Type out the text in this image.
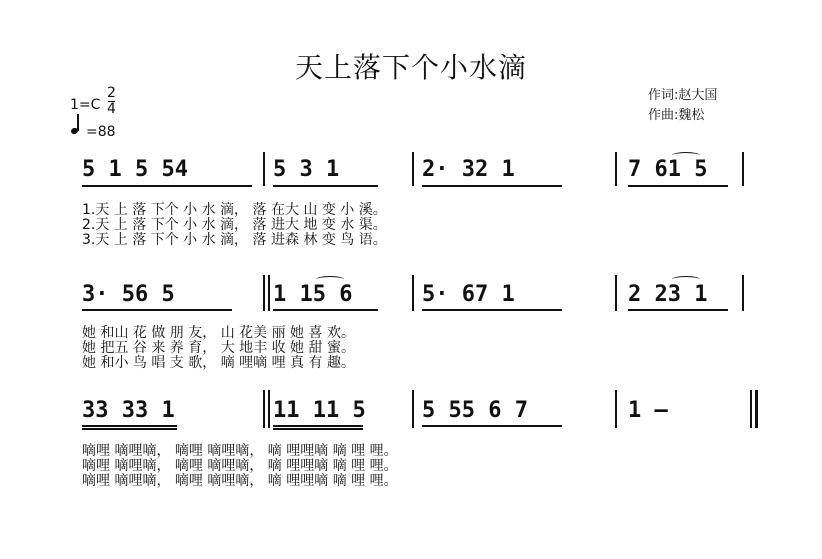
天上落下个小水滴
作词:赵大国
作曲:魏松
1=C
2
4
=88
5 1 5 54	5 3 1	2· 32 1	7 61 5
1.天 上 落 下个 小 水 滴， 落 在大 山 变 小 溪。
2.天 上 落 下个 小 水 滴， 落 进大 地 变 水 渠。
3.天 上 落 下个 小 水 滴， 落 进森 林 变 鸟 语。
3· 56 5	1 15 6	5· 67 1	2 23 1
她 和山 花 做 朋 友， 山 花美 丽 她 喜 欢。
她 把五 谷 来 养 育， 大 地丰 收 她 甜 蜜。
她 和小 鸟 唱 支 歌， 嘀 哩嘀 哩 真 有 趣。
33 33 1	11 11 5	5 55 6 7	1 –
嘀哩 嘀哩嘀， 嘀哩 嘀哩嘀， 嘀 哩哩嘀 嘀 哩 哩。
嘀哩 嘀哩嘀， 嘀哩 嘀哩嘀， 嘀 哩哩嘀 嘀 哩 哩。
嘀哩 嘀哩嘀， 嘀哩 嘀哩嘀， 嘀 哩哩嘀 嘀 哩 哩。
